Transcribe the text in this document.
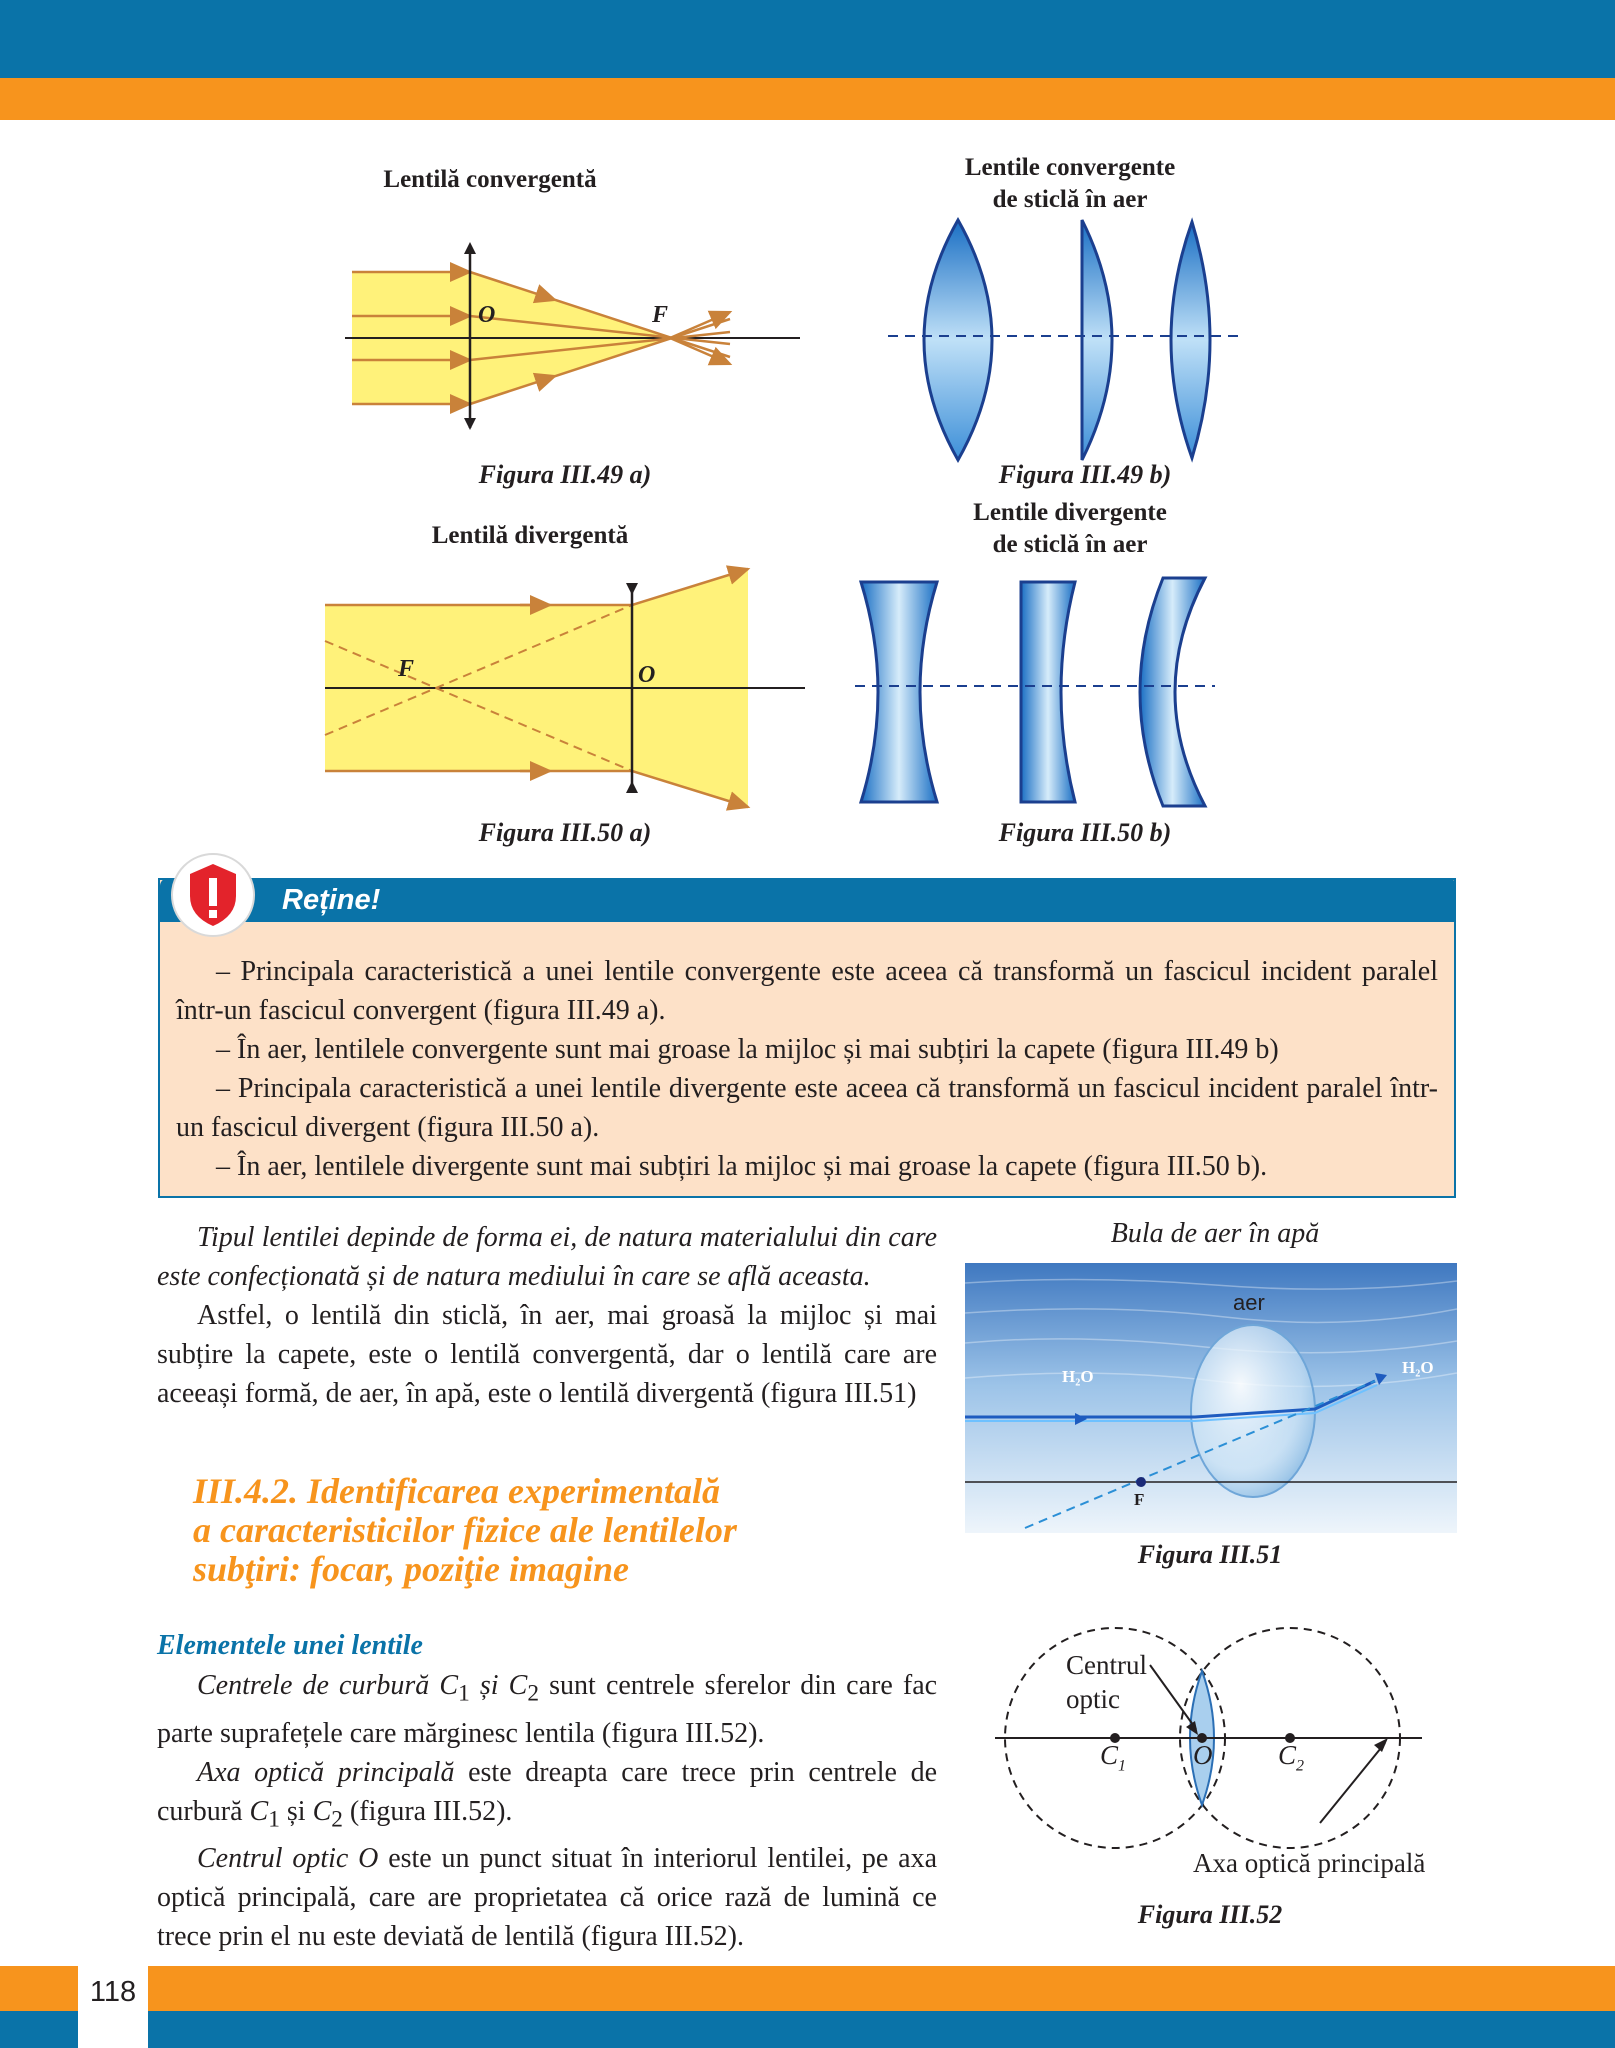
Lentilă convergentă
O	F
Figura III.49 a)
Lentile convergente
de sticlă în aer
Figura III.49 b)
Lentilă divergentă
F	O
Figura III.50 a)
Lentile divergente
de sticlă în aer
Figura III.50 b)
Reține!

– Principala caracteristică a unei lentile convergente este aceea că transformă un fascicul incident paralel într-un fascicul convergent (figura III.49 a).

– În aer, lentilele convergente sunt mai groase la mijloc și mai subțiri la capete (figura III.49 b)

– Principala caracteristică a unei lentile divergente este aceea că transformă un fascicul incident paralel într-un fascicul divergent (figura III.50 a).

– În aer, lentilele divergente sunt mai subțiri la mijloc și mai groase la capete (figura III.50 b).

Tipul lentilei depinde de forma ei, de natura materialului din care este confecționată și de natura mediului în care se află aceasta.

Astfel, o lentilă din sticlă, în aer, mai groasă la mijloc și mai subțire la capete, este o lentilă convergentă, dar o lentilă care are aceeași formă, de aer, în apă, este o lentilă divergentă (figura III.51)

Bula de aer în apă
aer
H₂O	H₂O
F
Figura III.51
III.4.2. Identificarea experimentală
a caracteristicilor fizice ale lentilelor
subţiri: focar, poziţie imagine
Elementele unei lentile

Centrele de curbură $C_1$ și $C_2$ sunt centrele sferelor din care fac parte suprafețele care mărginesc lentila (figura III.52).

Axa optică principală este dreapta care trece prin centrele de curbură $C_1$ și $C_2$ (figura III.52).

Centrul optic O este un punct situat în interiorul lentilei, pe axa optică principală, care are proprietatea că orice rază de lumină ce trece prin el nu este deviată de lentilă (figura III.52).

Centrul
optic
$C_1$ O $C_2$
Axa optică principală
Figura III.52
118
